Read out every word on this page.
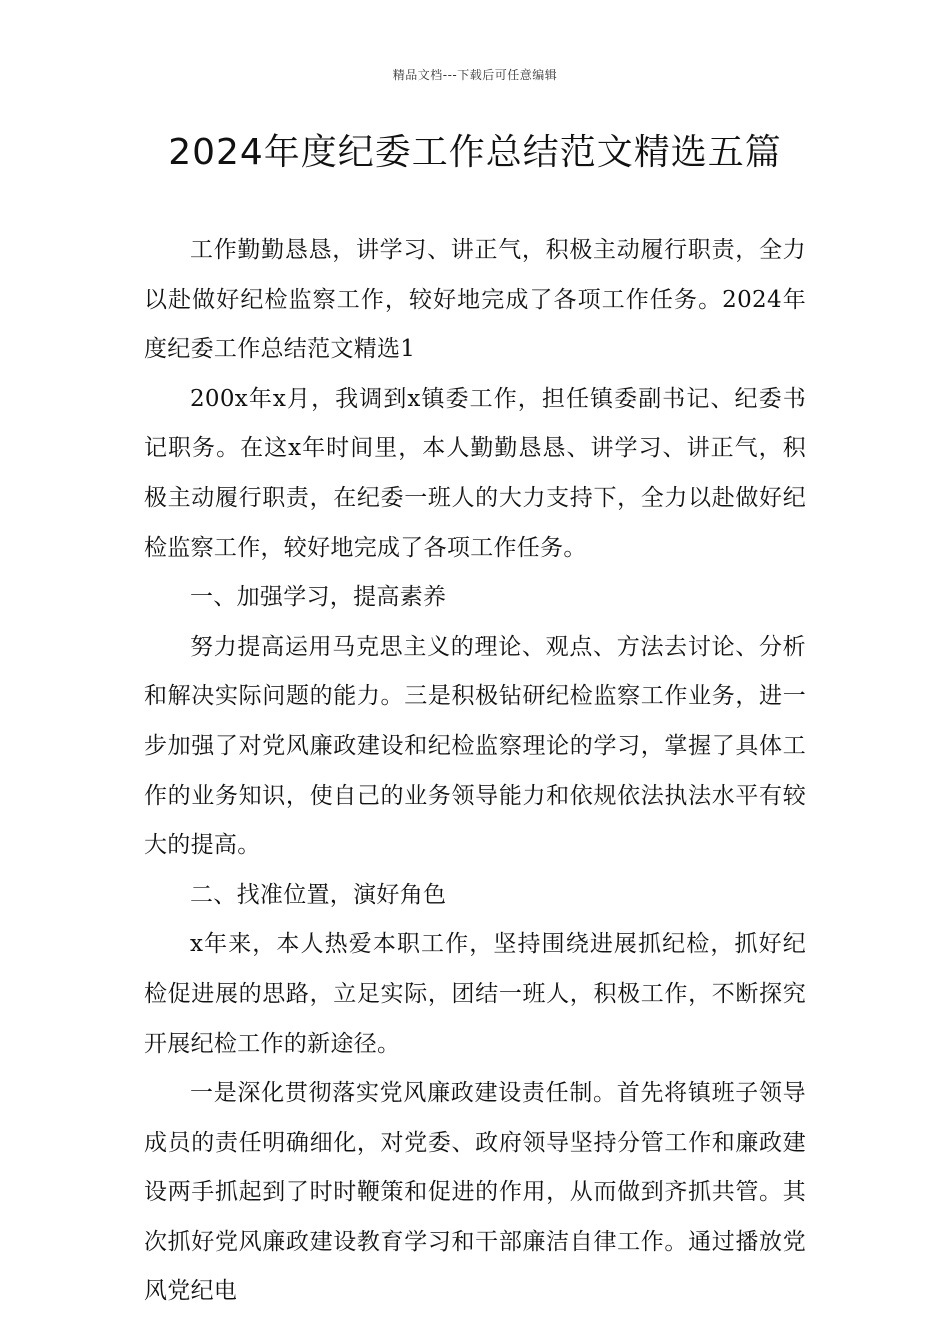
精品文档---下载后可任意编辑
2024年度纪委工作总结范文精选五篇

工作勤勤恳恳，讲学习、讲正气，积极主动履行职责，全力以赴做好纪检监察工作，较好地完成了各项工作任务。2024年度纪委工作总结范文精选1

200x年x月，我调到x镇委工作，担任镇委副书记、纪委书记职务。在这x年时间里，本人勤勤恳恳、讲学习、讲正气，积极主动履行职责，在纪委一班人的大力支持下，全力以赴做好纪检监察工作，较好地完成了各项工作任务。

一、加强学习，提高素养

努力提高运用马克思主义的理论、观点、方法去讨论、分析和解决实际问题的能力。三是积极钻研纪检监察工作业务，进一步加强了对党风廉政建设和纪检监察理论的学习，掌握了具体工作的业务知识，使自己的业务领导能力和依规依法执法水平有较大的提高。

二、找准位置，演好角色

x年来，本人热爱本职工作，坚持围绕进展抓纪检，抓好纪检促进展的思路，立足实际，团结一班人，积极工作，不断探究开展纪检工作的新途径。

一是深化贯彻落实党风廉政建设责任制。首先将镇班子领导成员的责任明确细化，对党委、政府领导坚持分管工作和廉政建设两手抓起到了时时鞭策和促进的作用，从而做到齐抓共管。其次抓好党风廉政建设教育学习和干部廉洁自律工作。通过播放党风党纪电
